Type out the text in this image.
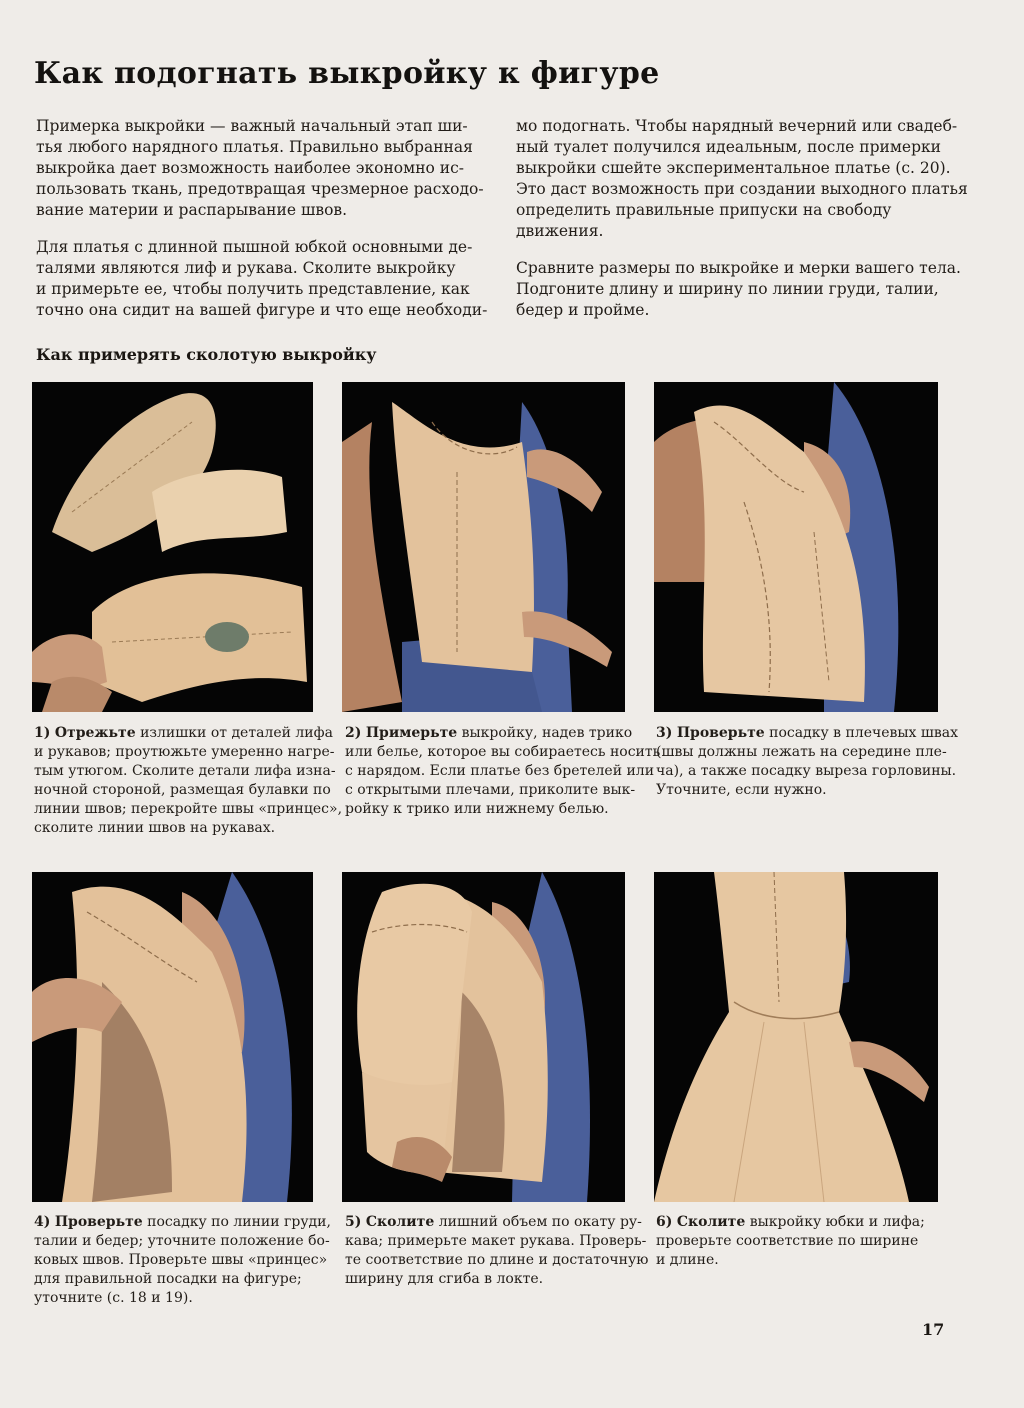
Как подогнать выкройку к фигуре

Примерка выкройки — важный начальный этап ши-
тья любого нарядного платья. Правильно выбранная
выкройка дает возможность наиболее экономно ис-
пользовать ткань, предотвращая чрезмерное расходо-
вание материи и распарывание швов.

Для платья с длинной пышной юбкой основными де-
талями являются лиф и рукава. Сколите выкройку
и примерьте ее, чтобы получить представление, как
точно она сидит на вашей фигуре и что еще необходи-

мо подогнать. Чтобы нарядный вечерний или свадеб-
ный туалет получился идеальным, после примерки
выкройки сшейте экспериментальное платье (с. 20).
Это даст возможность при создании выходного платья
определить правильные припуски на свободу
движения.

Сравните размеры по выкройке и мерки вашего тела.
Подгоните длину и ширину по линии груди, талии,
бедер и пройме.

Как примерять сколотую выкройку

1) Отрежьте излишки от деталей лифа
и рукавов; проутюжьте умеренно нагре-
тым утюгом. Сколите детали лифа изна-
ночной стороной, размещая булавки по
линии швов; перекройте швы «принцес»,
сколите линии швов на рукавах.

2) Примерьте выкройку, надев трико
или белье, которое вы собираетесь носить
с нарядом. Если платье без бретелей или
с открытыми плечами, приколите вык-
ройку к трико или нижнему белью.

3) Проверьте посадку в плечевых швах
(швы должны лежать на середине пле-
ча), а также посадку выреза горловины.
Уточните, если нужно.

4) Проверьте посадку по линии груди,
талии и бедер; уточните положение бо-
ковых швов. Проверьте швы «принцес»
для правильной посадки на фигуре;
уточните (с. 18 и 19).

5) Сколите лишний объем по окату ру-
кава; примерьте макет рукава. Проверь-
те соответствие по длине и достаточную
ширину для сгиба в локте.

6) Сколите выкройку юбки и лифа;
проверьте соответствие по ширине
и длине.

17
